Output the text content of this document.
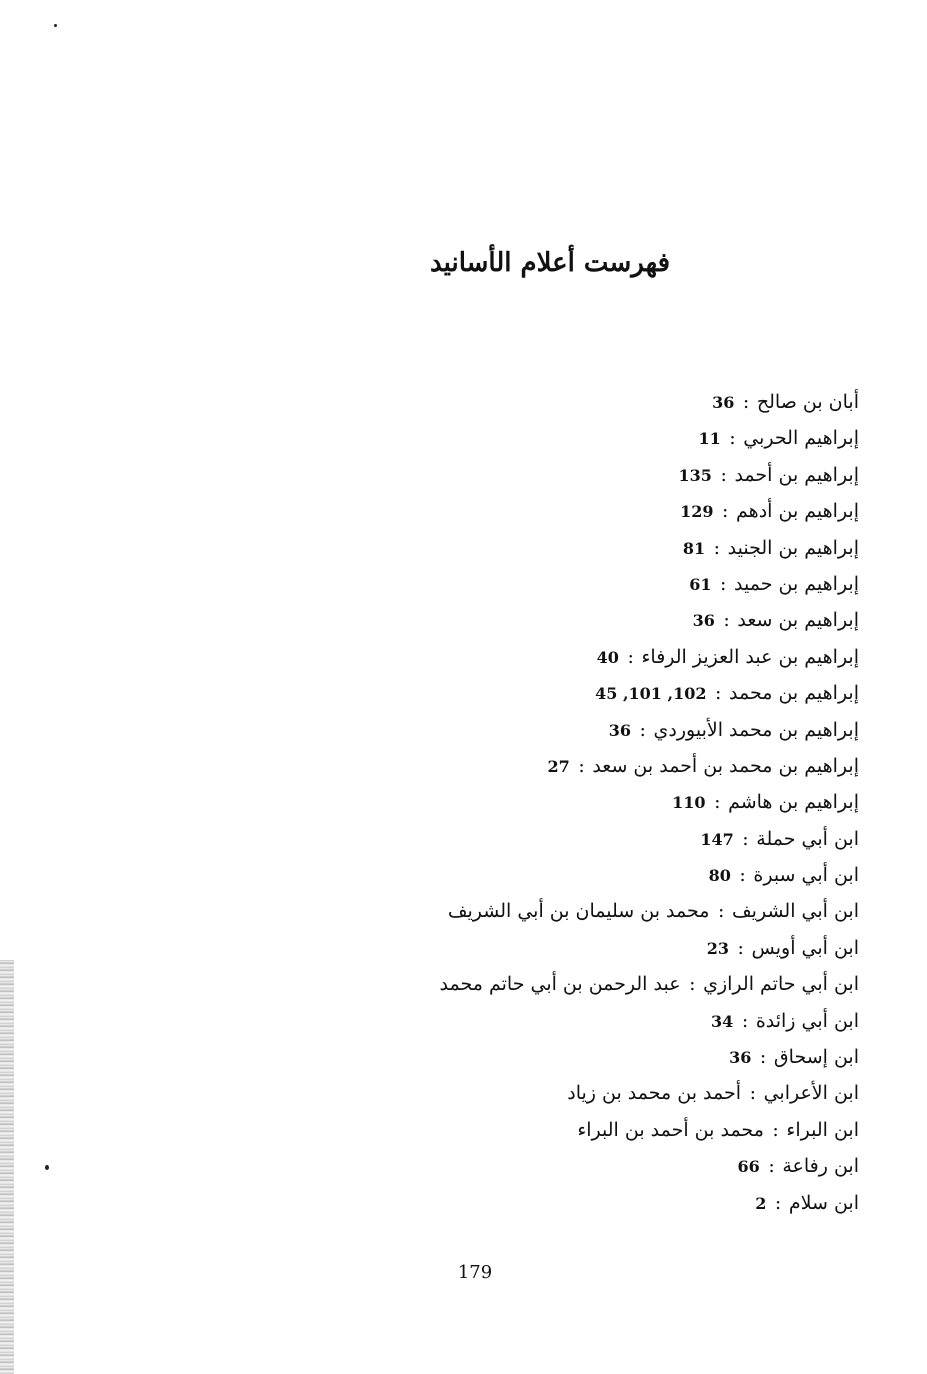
فهرست أعلام الأسانيد
أبان بن صالح:36
إبراهيم الحربي:11
إبراهيم بن أحمد:135
إبراهيم بن أدهم:129
إبراهيم بن الجنيد:81
إبراهيم بن حميد:61
إبراهيم بن سعد:36
إبراهيم بن عبد العزيز الرفاء:40
إبراهيم بن محمد:102, 101, 45
إبراهيم بن محمد الأبيوردي:36
إبراهيم بن محمد بن أحمد بن سعد:27
إبراهيم بن هاشم:110
ابن أبي حملة:147
ابن أبي سبرة:80
ابن أبي الشريف:محمد بن سليمان بن أبي الشريف
ابن أبي أويس:23
ابن أبي حاتم الرازي:عبد الرحمن بن أبي حاتم محمد
ابن أبي زائدة:34
ابن إسحاق:36
ابن الأعرابي:أحمد بن محمد بن زياد
ابن البراء:محمد بن أحمد بن البراء
ابن رفاعة:66
ابن سلام:2
179
